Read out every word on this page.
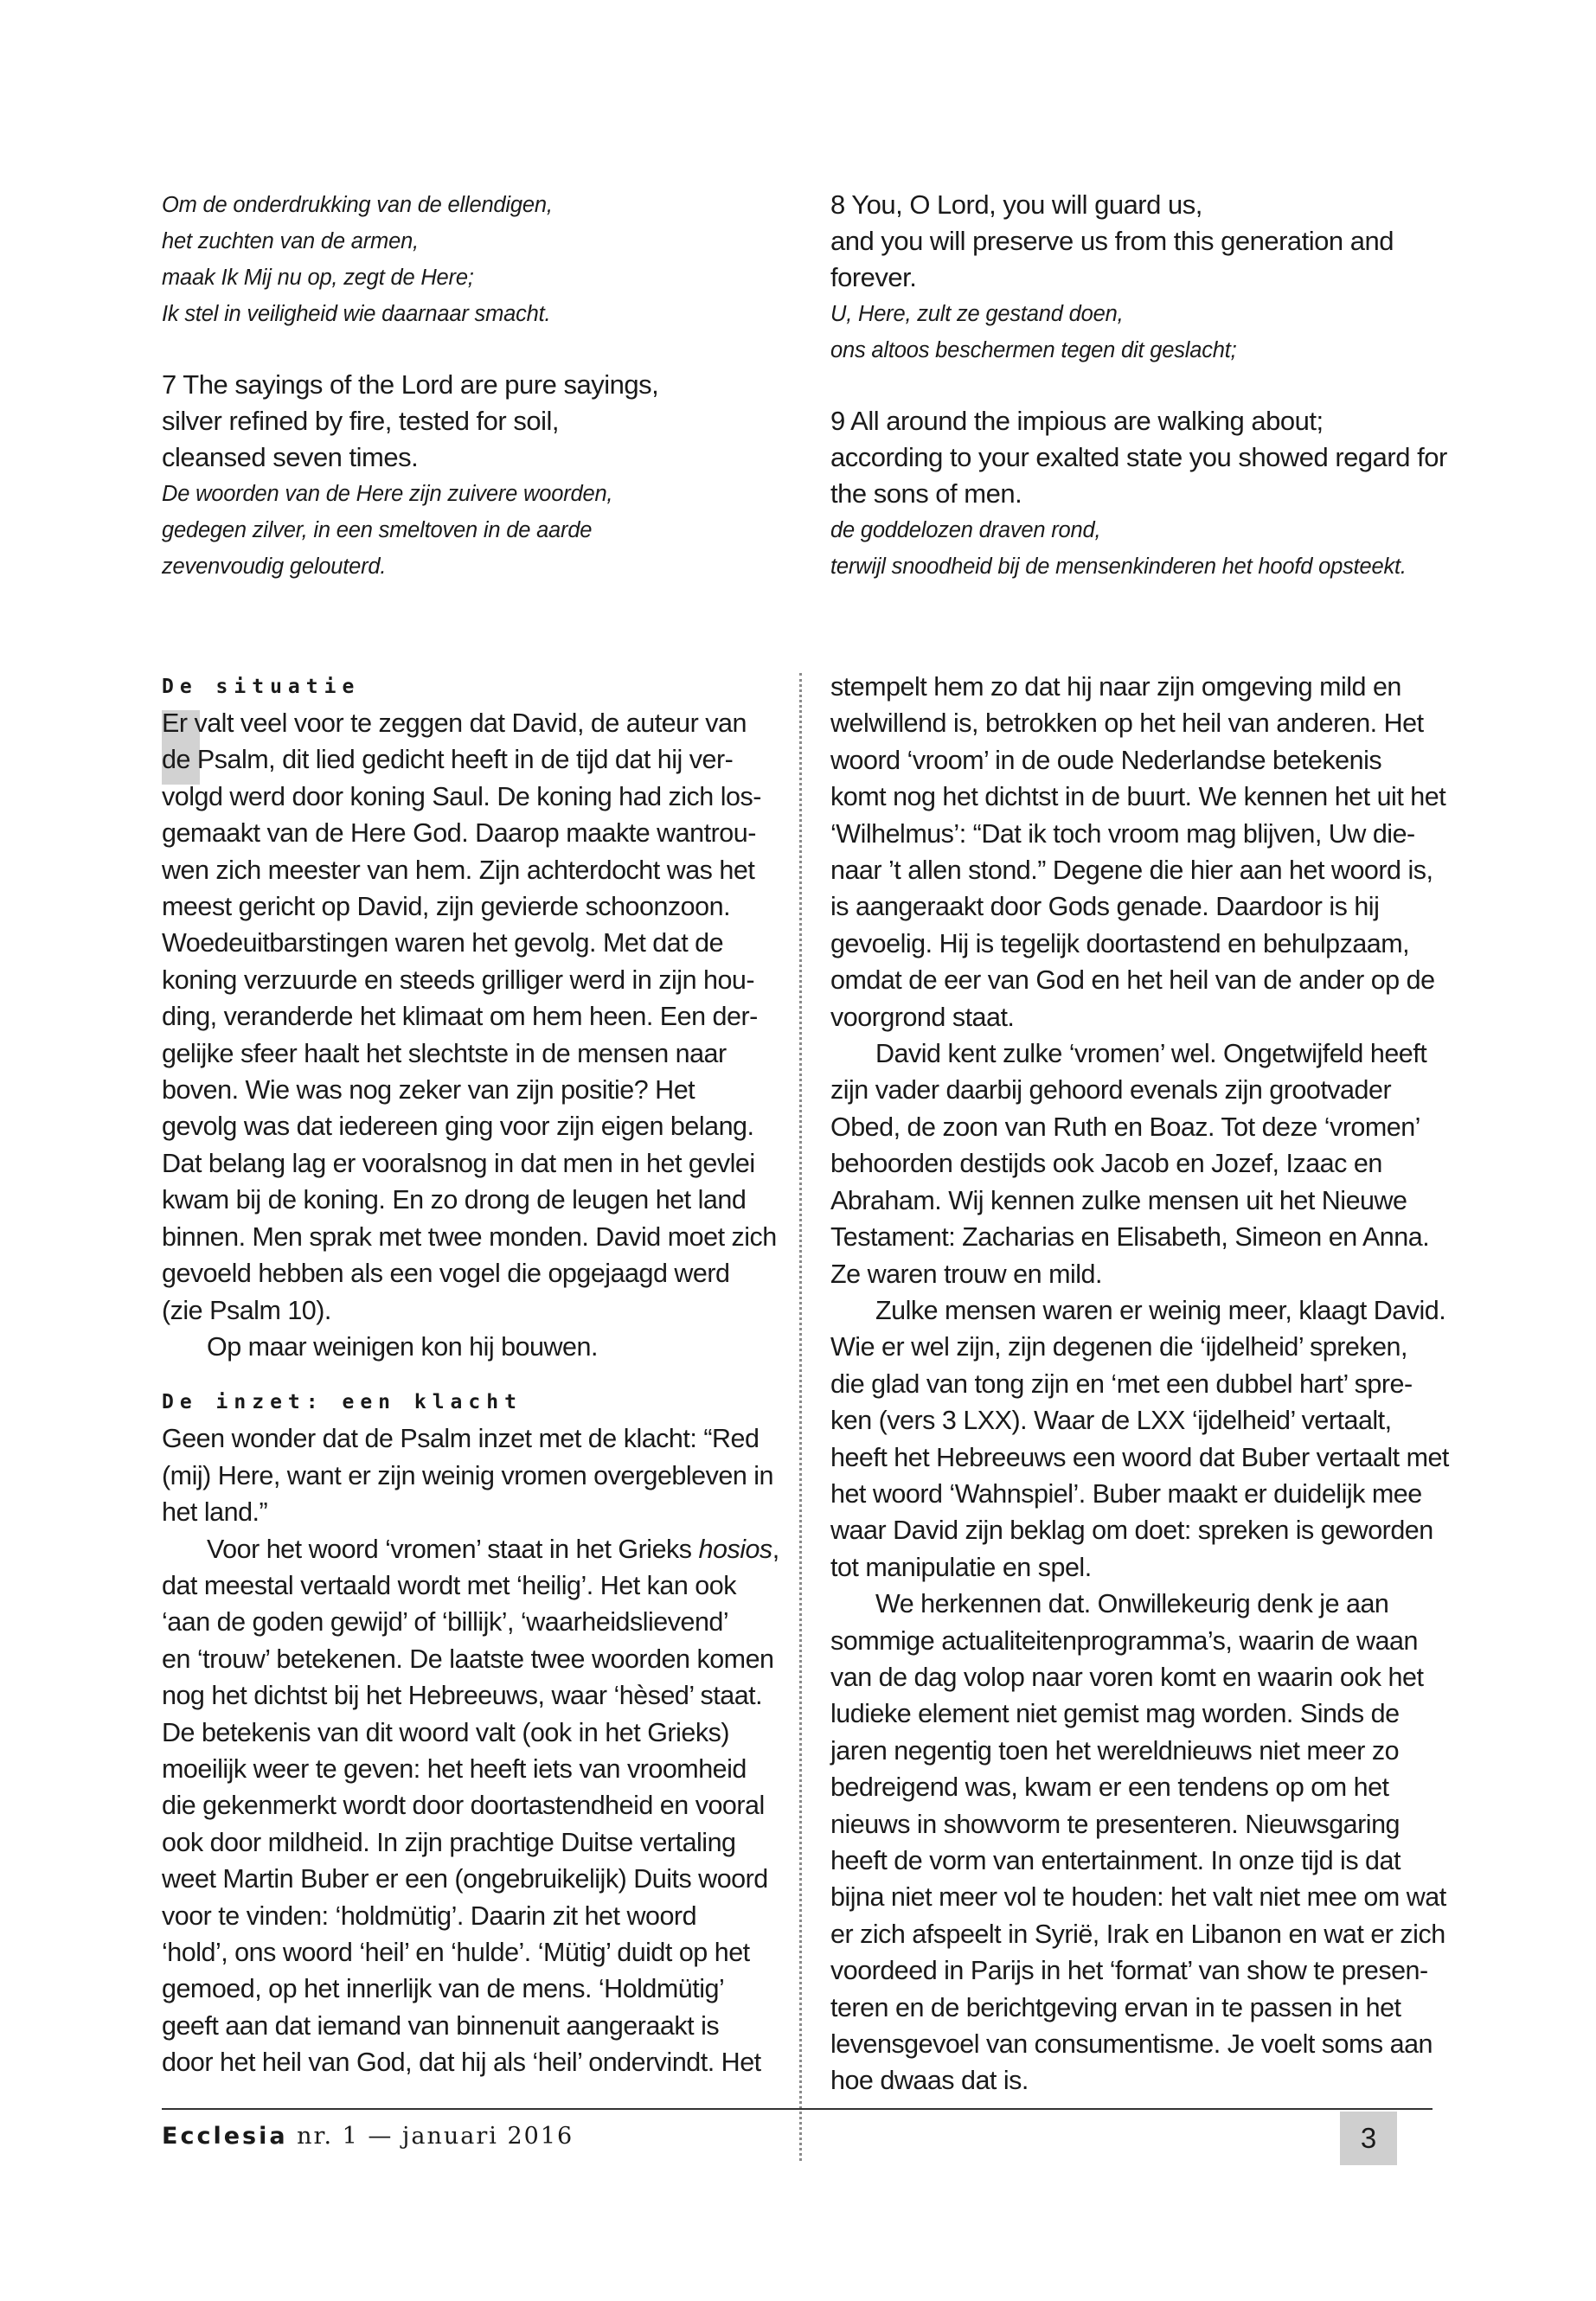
Om de onderdrukking van de ellendigen,
het zuchten van de armen,
maak Ik Mij nu op, zegt de Here;
Ik stel in veiligheid wie daarnaar smacht.
7 The sayings of the Lord are pure sayings,
silver refined by fire, tested for soil,
cleansed seven times.
De woorden van de Here zijn zuivere woorden,
gedegen zilver, in een smeltoven in de aarde
zevenvoudig gelouterd.
8 You, O Lord, you will guard us,
and you will preserve us from this generation and
forever.
U, Here, zult ze gestand doen,
ons altoos beschermen tegen dit geslacht;
9 All around the impious are walking about;
according to your exalted state you showed regard for
the sons of men.
de goddelozen draven rond,
terwijl snoodheid bij de mensenkinderen het hoofd opsteekt.
De situatie
Er valt veel voor te zeggen dat David, de auteur van
de Psalm, dit lied gedicht heeft in de tijd dat hij ver-
volgd werd door koning Saul. De koning had zich los-
gemaakt van de Here God. Daarop maakte wantrou-
wen zich meester van hem. Zijn achterdocht was het
meest gericht op David, zijn gevierde schoonzoon.
Woedeuitbarstingen waren het gevolg. Met dat de
koning verzuurde en steeds grilliger werd in zijn hou-
ding, veranderde het klimaat om hem heen. Een der-
gelijke sfeer haalt het slechtste in de mensen naar
boven. Wie was nog zeker van zijn positie? Het
gevolg was dat iedereen ging voor zijn eigen belang.
Dat belang lag er vooralsnog in dat men in het gevlei
kwam bij de koning. En zo drong de leugen het land
binnen. Men sprak met twee monden. David moet zich
gevoeld hebben als een vogel die opgejaagd werd
(zie Psalm 10).
Op maar weinigen kon hij bouwen.
De inzet: een klacht
Geen wonder dat de Psalm inzet met de klacht: “Red
(mij) Here, want er zijn weinig vromen overgebleven in
het land.”
Voor het woord ‘vromen’ staat in het Grieks hosios,
dat meestal vertaald wordt met ‘heilig’. Het kan ook
‘aan de goden gewijd’ of ‘billijk’, ‘waarheidslievend’
en ‘trouw’ betekenen. De laatste twee woorden komen
nog het dichtst bij het Hebreeuws, waar ‘hèsed’ staat.
De betekenis van dit woord valt (ook in het Grieks)
moeilijk weer te geven: het heeft iets van vroomheid
die gekenmerkt wordt door doortastendheid en vooral
ook door mildheid. In zijn prachtige Duitse vertaling
weet Martin Buber er een (ongebruikelijk) Duits woord
voor te vinden: ‘holdmütig’. Daarin zit het woord
‘hold’, ons woord ‘heil’ en ‘hulde’. ‘Mütig’ duidt op het
gemoed, op het innerlijk van de mens. ‘Holdmütig’
geeft aan dat iemand van binnenuit aangeraakt is
door het heil van God, dat hij als ‘heil’ ondervindt. Het
stempelt hem zo dat hij naar zijn omgeving mild en
welwillend is, betrokken op het heil van anderen. Het
woord ‘vroom’ in de oude Nederlandse betekenis
komt nog het dichtst in de buurt. We kennen het uit het
‘Wilhelmus’: “Dat ik toch vroom mag blijven, Uw die-
naar ’t allen stond.” Degene die hier aan het woord is,
is aangeraakt door Gods genade. Daardoor is hij
gevoelig. Hij is tegelijk doortastend en behulpzaam,
omdat de eer van God en het heil van de ander op de
voorgrond staat.
David kent zulke ‘vromen’ wel. Ongetwijfeld heeft
zijn vader daarbij gehoord evenals zijn grootvader
Obed, de zoon van Ruth en Boaz. Tot deze ‘vromen’
behoorden destijds ook Jacob en Jozef, Izaac en
Abraham. Wij kennen zulke mensen uit het Nieuwe
Testament: Zacharias en Elisabeth, Simeon en Anna.
Ze waren trouw en mild.
Zulke mensen waren er weinig meer, klaagt David.
Wie er wel zijn, zijn degenen die ‘ijdelheid’ spreken,
die glad van tong zijn en ‘met een dubbel hart’ spre-
ken (vers 3 LXX). Waar de LXX ‘ijdelheid’ vertaalt,
heeft het Hebreeuws een woord dat Buber vertaalt met
het woord ‘Wahnspiel’. Buber maakt er duidelijk mee
waar David zijn beklag om doet: spreken is geworden
tot manipulatie en spel.
We herkennen dat. Onwillekeurig denk je aan
sommige actualiteitenprogramma’s, waarin de waan
van de dag volop naar voren komt en waarin ook het
ludieke element niet gemist mag worden. Sinds de
jaren negentig toen het wereldnieuws niet meer zo
bedreigend was, kwam er een tendens op om het
nieuws in showvorm te presenteren. Nieuwsgaring
heeft de vorm van entertainment. In onze tijd is dat
bijna niet meer vol te houden: het valt niet mee om wat
er zich afspeelt in Syrië, Irak en Libanon en wat er zich
voordeed in Parijs in het ‘format’ van show te presen-
teren en de berichtgeving ervan in te passen in het
levensgevoel van consumentisme. Je voelt soms aan
hoe dwaas dat is.
Ecclesia nr. 1 — januari 2016	3
